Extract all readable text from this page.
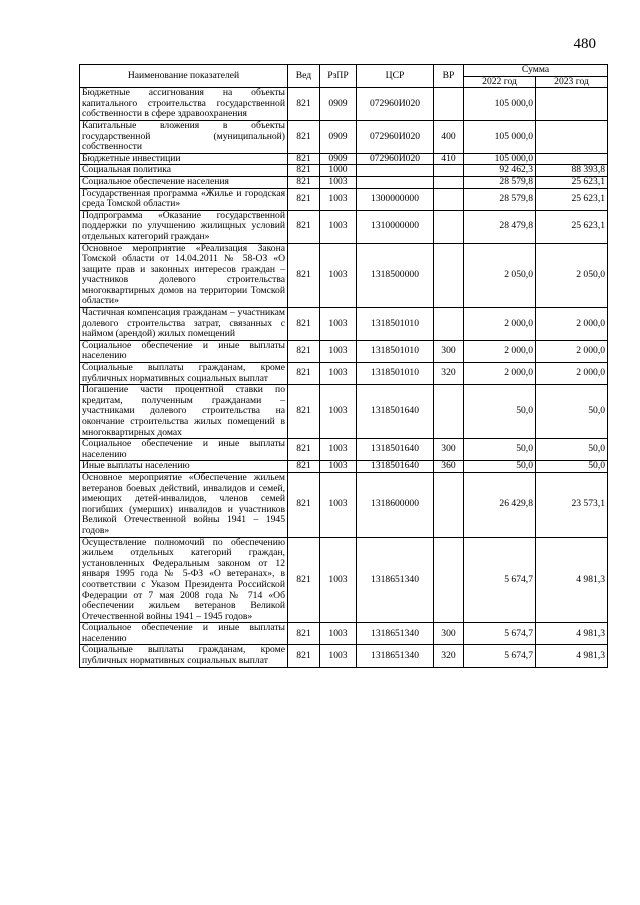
480
Наименование показателей	Вед	РзПР	ЦСР	ВР	Сумма	
					2022 год	2023 год
Бюджетные ассигнования на объекты капитального строительства государственной собственности в сфере здравоохранения	821	0909	072960И020		105 000,0	
Капитальные вложения в объекты государственной (муниципальной) собственности	821	0909	072960И020	400	105 000,0	
Бюджетные инвестиции	821	0909	072960И020	410	105 000,0	
Социальная политика	821	1000			92 462,3	88 393,8
Социальное обеспечение населения	821	1003			28 579,8	25 623,1
Государственная программа «Жилье и городская среда Томской области»	821	1003	1300000000		28 579,8	25 623,1
Подпрограмма «Оказание государственной поддержки по улучшению жилищных условий отдельных категорий граждан»	821	1003	1310000000		28 479,8	25 623,1
Основное мероприятие «Реализация Закона Томской области от 14.04.2011 № 58-ОЗ «О защите прав и законных интересов граждан – участников долевого строительства многоквартирных домов на территории Томской области»	821	1003	1318500000		2 050,0	2 050,0
Частичная компенсация гражданам – участникам долевого строительства затрат, связанных с наймом (арендой) жилых помещений	821	1003	1318501010		2 000,0	2 000,0
Социальное обеспечение и иные выплаты населению	821	1003	1318501010	300	2 000,0	2 000,0
Социальные выплаты гражданам, кроме публичных нормативных социальных выплат	821	1003	1318501010	320	2 000,0	2 000,0
Погашение части процентной ставки по кредитам, полученным гражданами – участниками долевого строительства на окончание строительства жилых помещений в многоквартирных домах	821	1003	1318501640		50,0	50,0
Социальное обеспечение и иные выплаты населению	821	1003	1318501640	300	50,0	50,0
Иные выплаты населению	821	1003	1318501640	360	50,0	50,0
Основное мероприятие «Обеспечение жильем ветеранов боевых действий, инвалидов и семей, имеющих детей-инвалидов, членов семей погибших (умерших) инвалидов и участников Великой Отечественной войны 1941 – 1945 годов»	821	1003	1318600000		26 429,8	23 573,1
Осуществление полномочий по обеспечению жильем отдельных категорий граждан, установленных Федеральным законом от 12 января 1995 года № 5-ФЗ «О ветеранах», в соответствии с Указом Президента Российской Федерации от 7 мая 2008 года № 714 «Об обеспечении жильем ветеранов Великой Отечественной войны 1941 – 1945 годов»	821	1003	1318651340		5 674,7	4 981,3
Социальное обеспечение и иные выплаты населению	821	1003	1318651340	300	5 674,7	4 981,3
Социальные выплаты гражданам, кроме публичных нормативных социальных выплат	821	1003	1318651340	320	5 674,7	4 981,3
